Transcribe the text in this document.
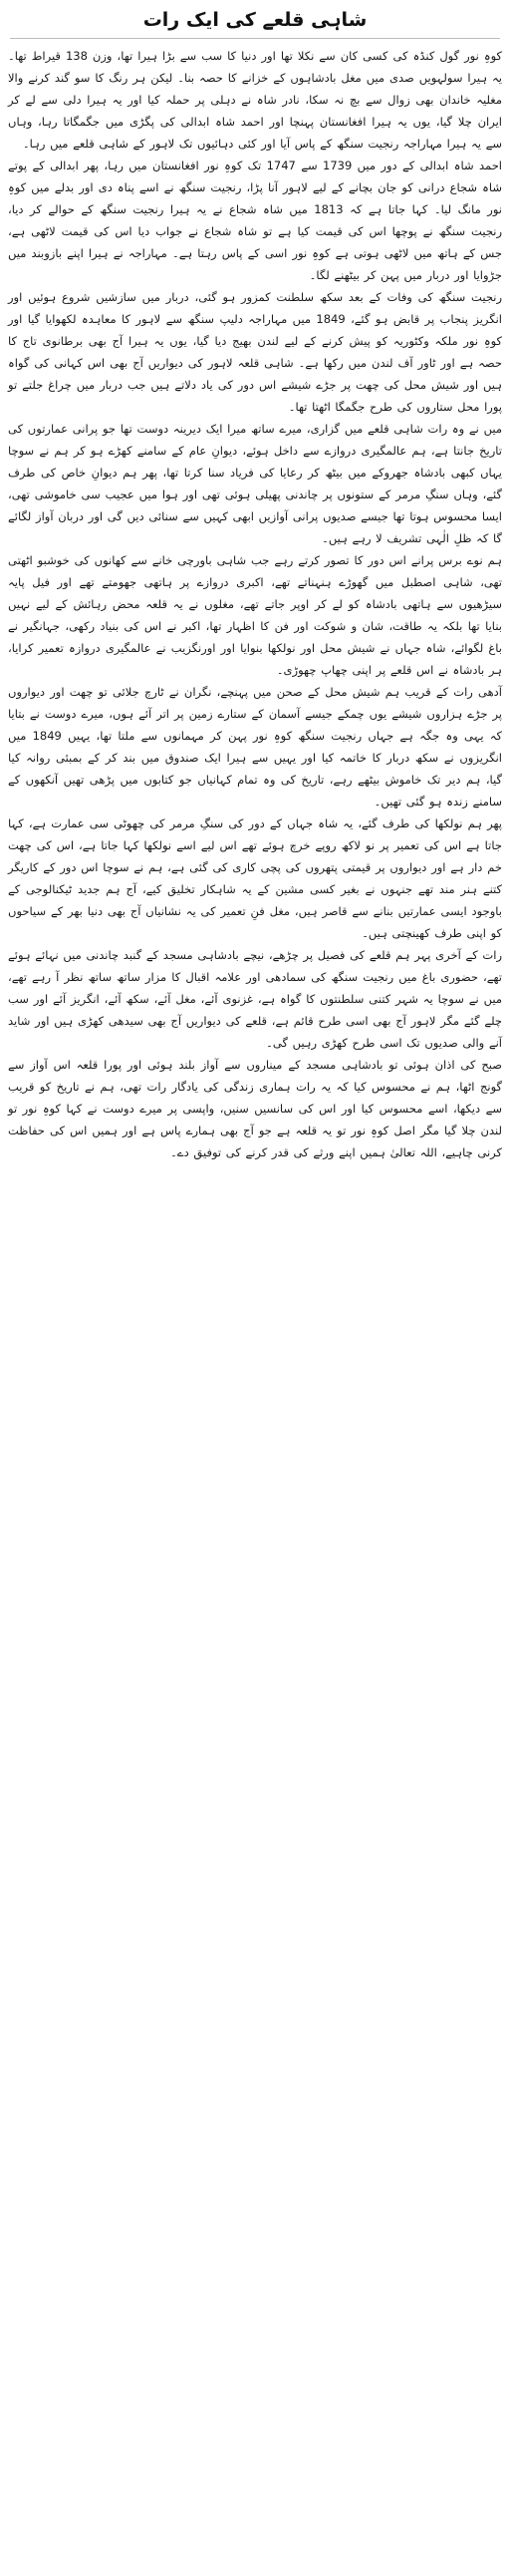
شاہی قلعے کی ایک رات

کوہِ نور گول کنڈہ کی کسی کان سے نکلا تھا اور دنیا کا سب سے بڑا ہیرا تھا، وزن 138 قیراط تھا۔ یہ ہیرا سولہویں صدی میں مغل بادشاہوں کے خزانے کا حصہ بنا۔ لیکن ہر رنگ کا سو گند کرنے والا مغلیہ خاندان بھی زوال سے بچ نہ سکا، نادر شاہ نے دہلی پر حملہ کیا اور یہ ہیرا دلی سے لے کر ایران چلا گیا، یوں یہ ہیرا افغانستان پہنچا اور احمد شاہ ابدالی کی پگڑی میں جگمگاتا رہا، وہاں سے یہ ہیرا مہاراجہ رنجیت سنگھ کے پاس آیا اور کئی دہائیوں تک لاہور کے شاہی قلعے میں رہا۔

احمد شاہ ابدالی کے دور میں 1739 سے 1747 تک کوہِ نور افغانستان میں رہا، پھر ابدالی کے پوتے شاہ شجاع درانی کو جان بچانے کے لیے لاہور آنا پڑا، رنجیت سنگھ نے اسے پناہ دی اور بدلے میں کوہِ نور مانگ لیا۔ کہا جاتا ہے کہ 1813 میں شاہ شجاع نے یہ ہیرا رنجیت سنگھ کے حوالے کر دیا، رنجیت سنگھ نے پوچھا اس کی قیمت کیا ہے تو شاہ شجاع نے جواب دیا اس کی قیمت لاٹھی ہے، جس کے ہاتھ میں لاٹھی ہوتی ہے کوہِ نور اسی کے پاس رہتا ہے۔ مہاراجہ نے ہیرا اپنے بازوبند میں جڑوایا اور دربار میں پہن کر بیٹھنے لگا۔

رنجیت سنگھ کی وفات کے بعد سکھ سلطنت کمزور ہو گئی، دربار میں سازشیں شروع ہوئیں اور انگریز پنجاب پر قابض ہو گئے، 1849 میں مہاراجہ دلیپ سنگھ سے لاہور کا معاہدہ لکھوایا گیا اور کوہِ نور ملکہ وکٹوریہ کو پیش کرنے کے لیے لندن بھیج دیا گیا، یوں یہ ہیرا آج بھی برطانوی تاج کا حصہ ہے اور ٹاور آف لندن میں رکھا ہے۔ شاہی قلعہ لاہور کی دیواریں آج بھی اس کہانی کی گواہ ہیں اور شیش محل کی چھت پر جڑے شیشے اس دور کی یاد دلاتے ہیں جب دربار میں چراغ جلتے تو پورا محل ستاروں کی طرح جگمگا اٹھتا تھا۔

میں نے وہ رات شاہی قلعے میں گزاری، میرے ساتھ میرا ایک دیرینہ دوست تھا جو پرانی عمارتوں کی تاریخ جانتا ہے، ہم عالمگیری دروازے سے داخل ہوئے، دیوانِ عام کے سامنے کھڑے ہو کر ہم نے سوچا یہاں کبھی بادشاہ جھروکے میں بیٹھ کر رعایا کی فریاد سنا کرتا تھا، پھر ہم دیوانِ خاص کی طرف گئے، وہاں سنگِ مرمر کے ستونوں پر چاندنی پھیلی ہوئی تھی اور ہوا میں عجیب سی خاموشی تھی، ایسا محسوس ہوتا تھا جیسے صدیوں پرانی آوازیں ابھی کہیں سے سنائی دیں گی اور دربان آواز لگائے گا کہ ظلِ الٰہی تشریف لا رہے ہیں۔

ہم نوے برس پرانے اس دور کا تصور کرتے رہے جب شاہی باورچی خانے سے کھانوں کی خوشبو اٹھتی تھی، شاہی اصطبل میں گھوڑے ہنہناتے تھے، اکبری دروازے پر ہاتھی جھومتے تھے اور فیل پایہ سیڑھیوں سے ہاتھی بادشاہ کو لے کر اوپر جاتے تھے، مغلوں نے یہ قلعہ محض رہائش کے لیے نہیں بنایا تھا بلکہ یہ طاقت، شان و شوکت اور فن کا اظہار تھا، اکبر نے اس کی بنیاد رکھی، جہانگیر نے باغ لگوائے، شاہ جہاں نے شیش محل اور نولکھا بنوایا اور اورنگزیب نے عالمگیری دروازہ تعمیر کرایا، ہر بادشاہ نے اس قلعے پر اپنی چھاپ چھوڑی۔

آدھی رات کے قریب ہم شیش محل کے صحن میں پہنچے، نگران نے ٹارچ جلائی تو چھت اور دیواروں پر جڑے ہزاروں شیشے یوں چمکے جیسے آسمان کے ستارے زمین پر اتر آئے ہوں، میرے دوست نے بتایا کہ یہی وہ جگہ ہے جہاں رنجیت سنگھ کوہِ نور پہن کر مہمانوں سے ملتا تھا، یہیں 1849 میں انگریزوں نے سکھ دربار کا خاتمہ کیا اور یہیں سے ہیرا ایک صندوق میں بند کر کے بمبئی روانہ کیا گیا، ہم دیر تک خاموش بیٹھے رہے، تاریخ کی وہ تمام کہانیاں جو کتابوں میں پڑھی تھیں آنکھوں کے سامنے زندہ ہو گئی تھیں۔

پھر ہم نولکھا کی طرف گئے، یہ شاہ جہاں کے دور کی سنگِ مرمر کی چھوٹی سی عمارت ہے، کہا جاتا ہے اس کی تعمیر پر نو لاکھ روپے خرچ ہوئے تھے اس لیے اسے نولکھا کہا جاتا ہے، اس کی چھت خم دار ہے اور دیواروں پر قیمتی پتھروں کی پچی کاری کی گئی ہے، ہم نے سوچا اس دور کے کاریگر کتنے ہنر مند تھے جنہوں نے بغیر کسی مشین کے یہ شاہکار تخلیق کیے، آج ہم جدید ٹیکنالوجی کے باوجود ایسی عمارتیں بنانے سے قاصر ہیں، مغل فنِ تعمیر کی یہ نشانیاں آج بھی دنیا بھر کے سیاحوں کو اپنی طرف کھینچتی ہیں۔

رات کے آخری پہر ہم قلعے کی فصیل پر چڑھے، نیچے بادشاہی مسجد کے گنبد چاندنی میں نہائے ہوئے تھے، حضوری باغ میں رنجیت سنگھ کی سمادھی اور علامہ اقبال کا مزار ساتھ ساتھ نظر آ رہے تھے، میں نے سوچا یہ شہر کتنی سلطنتوں کا گواہ ہے، غزنوی آئے، مغل آئے، سکھ آئے، انگریز آئے اور سب چلے گئے مگر لاہور آج بھی اسی طرح قائم ہے، قلعے کی دیواریں آج بھی سیدھی کھڑی ہیں اور شاید آنے والی صدیوں تک اسی طرح کھڑی رہیں گی۔

صبح کی اذان ہوئی تو بادشاہی مسجد کے میناروں سے آواز بلند ہوئی اور پورا قلعہ اس آواز سے گونج اٹھا، ہم نے محسوس کیا کہ یہ رات ہماری زندگی کی یادگار رات تھی، ہم نے تاریخ کو قریب سے دیکھا، اسے محسوس کیا اور اس کی سانسیں سنیں، واپسی پر میرے دوست نے کہا کوہِ نور تو لندن چلا گیا مگر اصل کوہِ نور تو یہ قلعہ ہے جو آج بھی ہمارے پاس ہے اور ہمیں اس کی حفاظت کرنی چاہیے، اللہ تعالیٰ ہمیں اپنے ورثے کی قدر کرنے کی توفیق دے۔
